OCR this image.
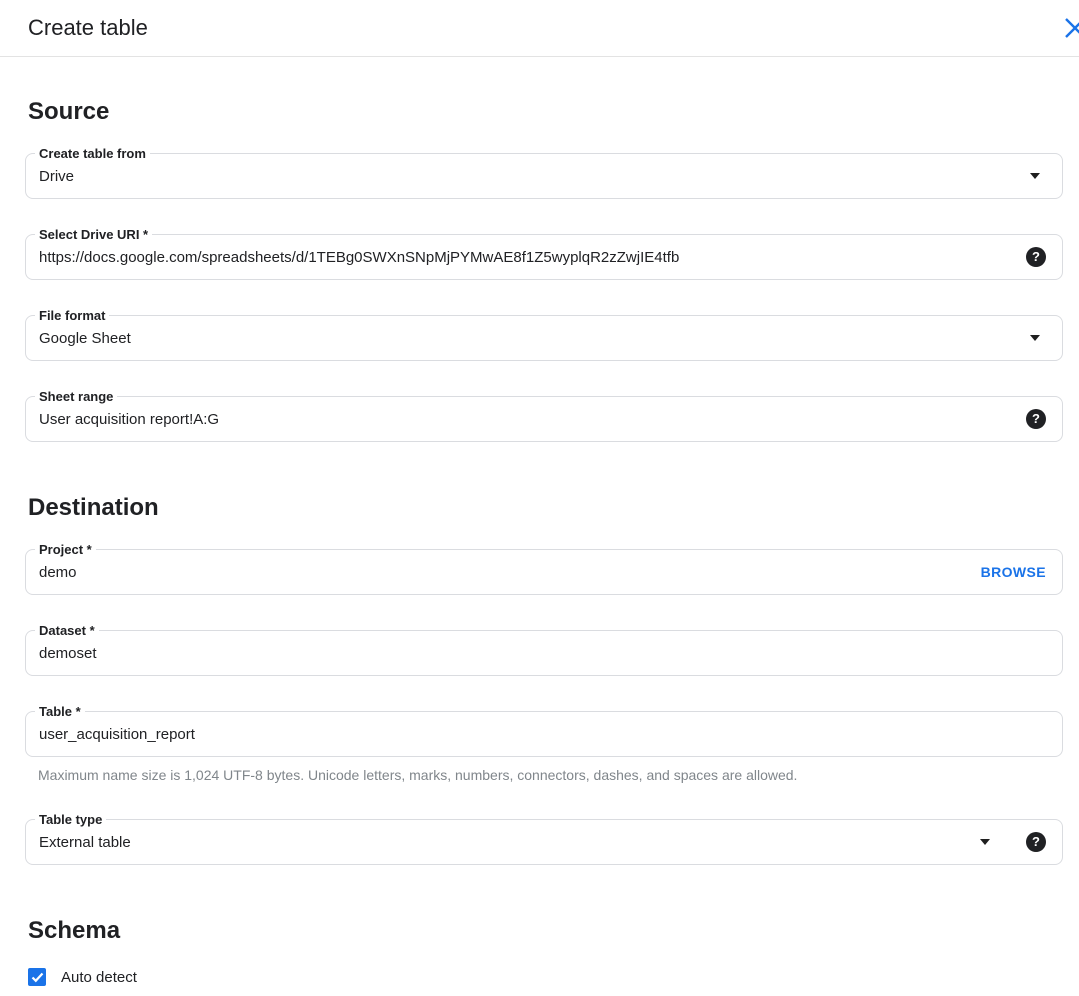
Create table
Source
Create table from
Drive
Select Drive URI *
https://docs.google.com/spreadsheets/d/1TEBg0SWXnSNpMjPYMwAE8f1Z5wyplqR2zZwjIE4tfb	?
File format
Google Sheet
Sheet range
User acquisition report!A:G	?
Destination
Project *
demo	BROWSE
Dataset *
demoset
Table *
user_acquisition_report
Maximum name size is 1,024 UTF-8 bytes. Unicode letters, marks, numbers, connectors, dashes, and spaces are allowed.
Table type
External table	?
Schema
Auto detect
